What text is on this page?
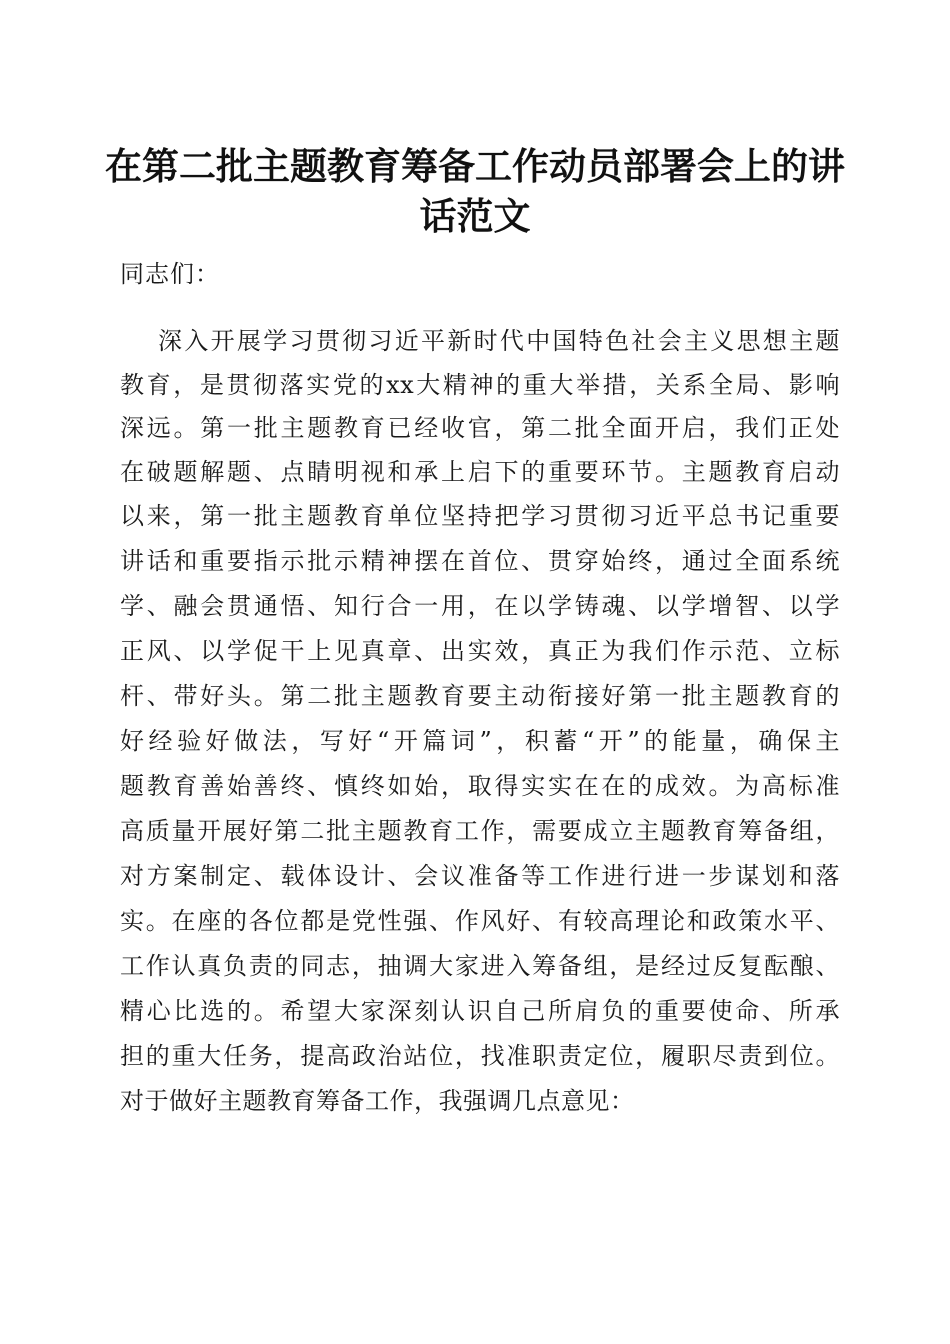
在第二批主题教育筹备工作动员部署会上的讲
话范文
同志们：
深入开展学习贯彻习近平新时代中国特色社会主义思想主题
教育，是贯彻落实党的xx大精神的重大举措，关系全局、影响
深远。第一批主题教育已经收官，第二批全面开启，我们正处
在破题解题、点睛明视和承上启下的重要环节。主题教育启动
以来，第一批主题教育单位坚持把学习贯彻习近平总书记重要
讲话和重要指示批示精神摆在首位、贯穿始终，通过全面系统
学、融会贯通悟、知行合一用，在以学铸魂、以学增智、以学
正风、以学促干上见真章、出实效，真正为我们作示范、立标
杆、带好头。第二批主题教育要主动衔接好第一批主题教育的
好经验好做法，写好“开篇词”，积蓄“开”的能量，确保主
题教育善始善终、慎终如始，取得实实在在的成效。为高标准
高质量开展好第二批主题教育工作，需要成立主题教育筹备组，
对方案制定、载体设计、会议准备等工作进行进一步谋划和落
实。在座的各位都是党性强、作风好、有较高理论和政策水平、
工作认真负责的同志，抽调大家进入筹备组，是经过反复酝酿、
精心比选的。希望大家深刻认识自己所肩负的重要使命、所承
担的重大任务，提高政治站位，找准职责定位，履职尽责到位。
对于做好主题教育筹备工作，我强调几点意见：
